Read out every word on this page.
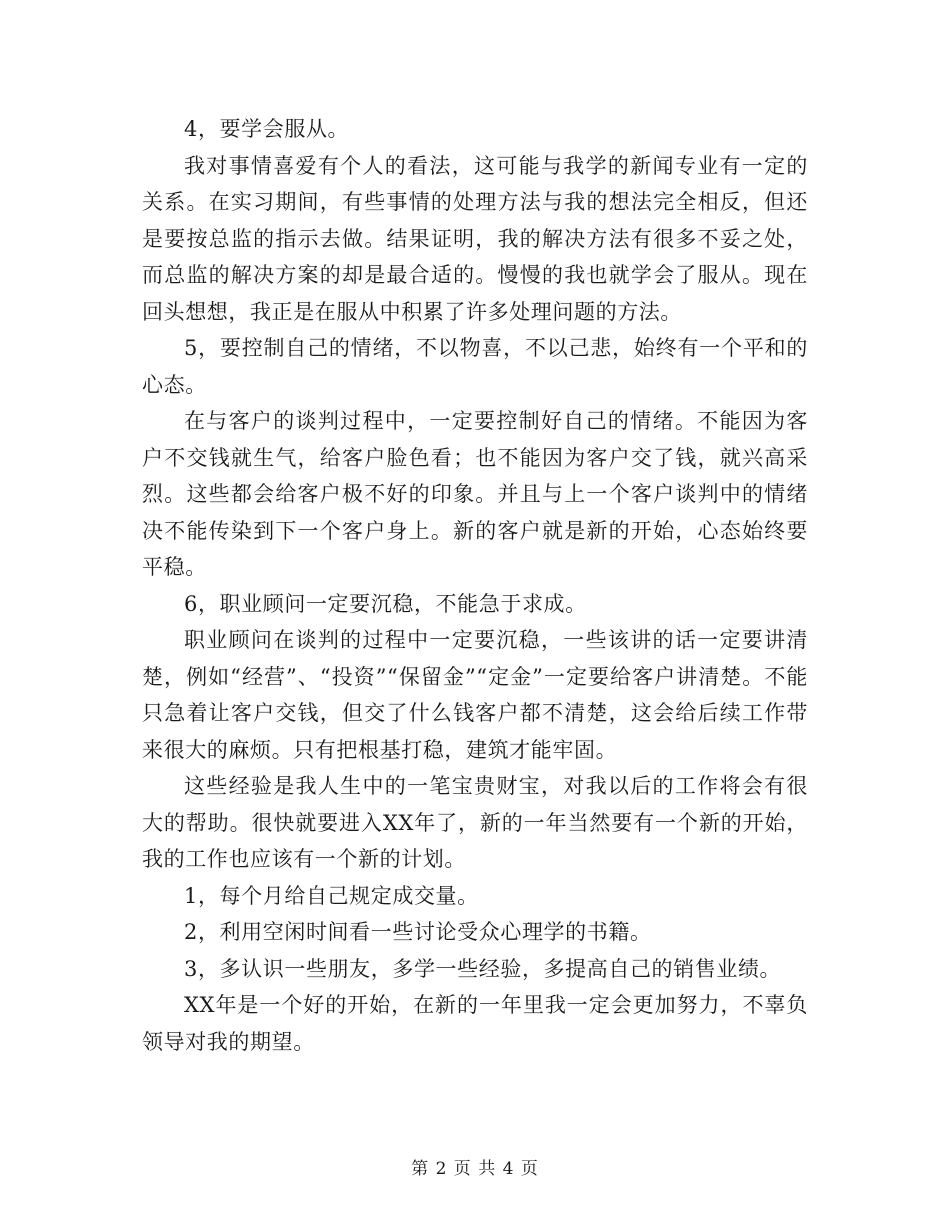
4，要学会服从。

我对事情喜爱有个人的看法，这可能与我学的新闻专业有一定的关系。在实习期间，有些事情的处理方法与我的想法完全相反，但还是要按总监的指示去做。结果证明，我的解决方法有很多不妥之处，而总监的解决方案的却是最合适的。慢慢的我也就学会了服从。现在回头想想，我正是在服从中积累了许多处理问题的方法。

5，要控制自己的情绪，不以物喜，不以己悲，始终有一个平和的心态。

在与客户的谈判过程中，一定要控制好自己的情绪。不能因为客户不交钱就生气，给客户脸色看；也不能因为客户交了钱，就兴高采烈。这些都会给客户极不好的印象。并且与上一个客户谈判中的情绪决不能传染到下一个客户身上。新的客户就是新的开始，心态始终要平稳。

6，职业顾问一定要沉稳，不能急于求成。

职业顾问在谈判的过程中一定要沉稳，一些该讲的话一定要讲清楚，例如“经营”、“投资”“保留金”“定金”一定要给客户讲清楚。不能只急着让客户交钱，但交了什么钱客户都不清楚，这会给后续工作带来很大的麻烦。只有把根基打稳，建筑才能牢固。

这些经验是我人生中的一笔宝贵财宝，对我以后的工作将会有很大的帮助。很快就要进入XX年了，新的一年当然要有一个新的开始，我的工作也应该有一个新的计划。

1，每个月给自己规定成交量。

2，利用空闲时间看一些讨论受众心理学的书籍。

3，多认识一些朋友，多学一些经验，多提高自己的销售业绩。

XX年是一个好的开始，在新的一年里我一定会更加努力，不辜负领导对我的期望。

第 2 页 共 4 页
